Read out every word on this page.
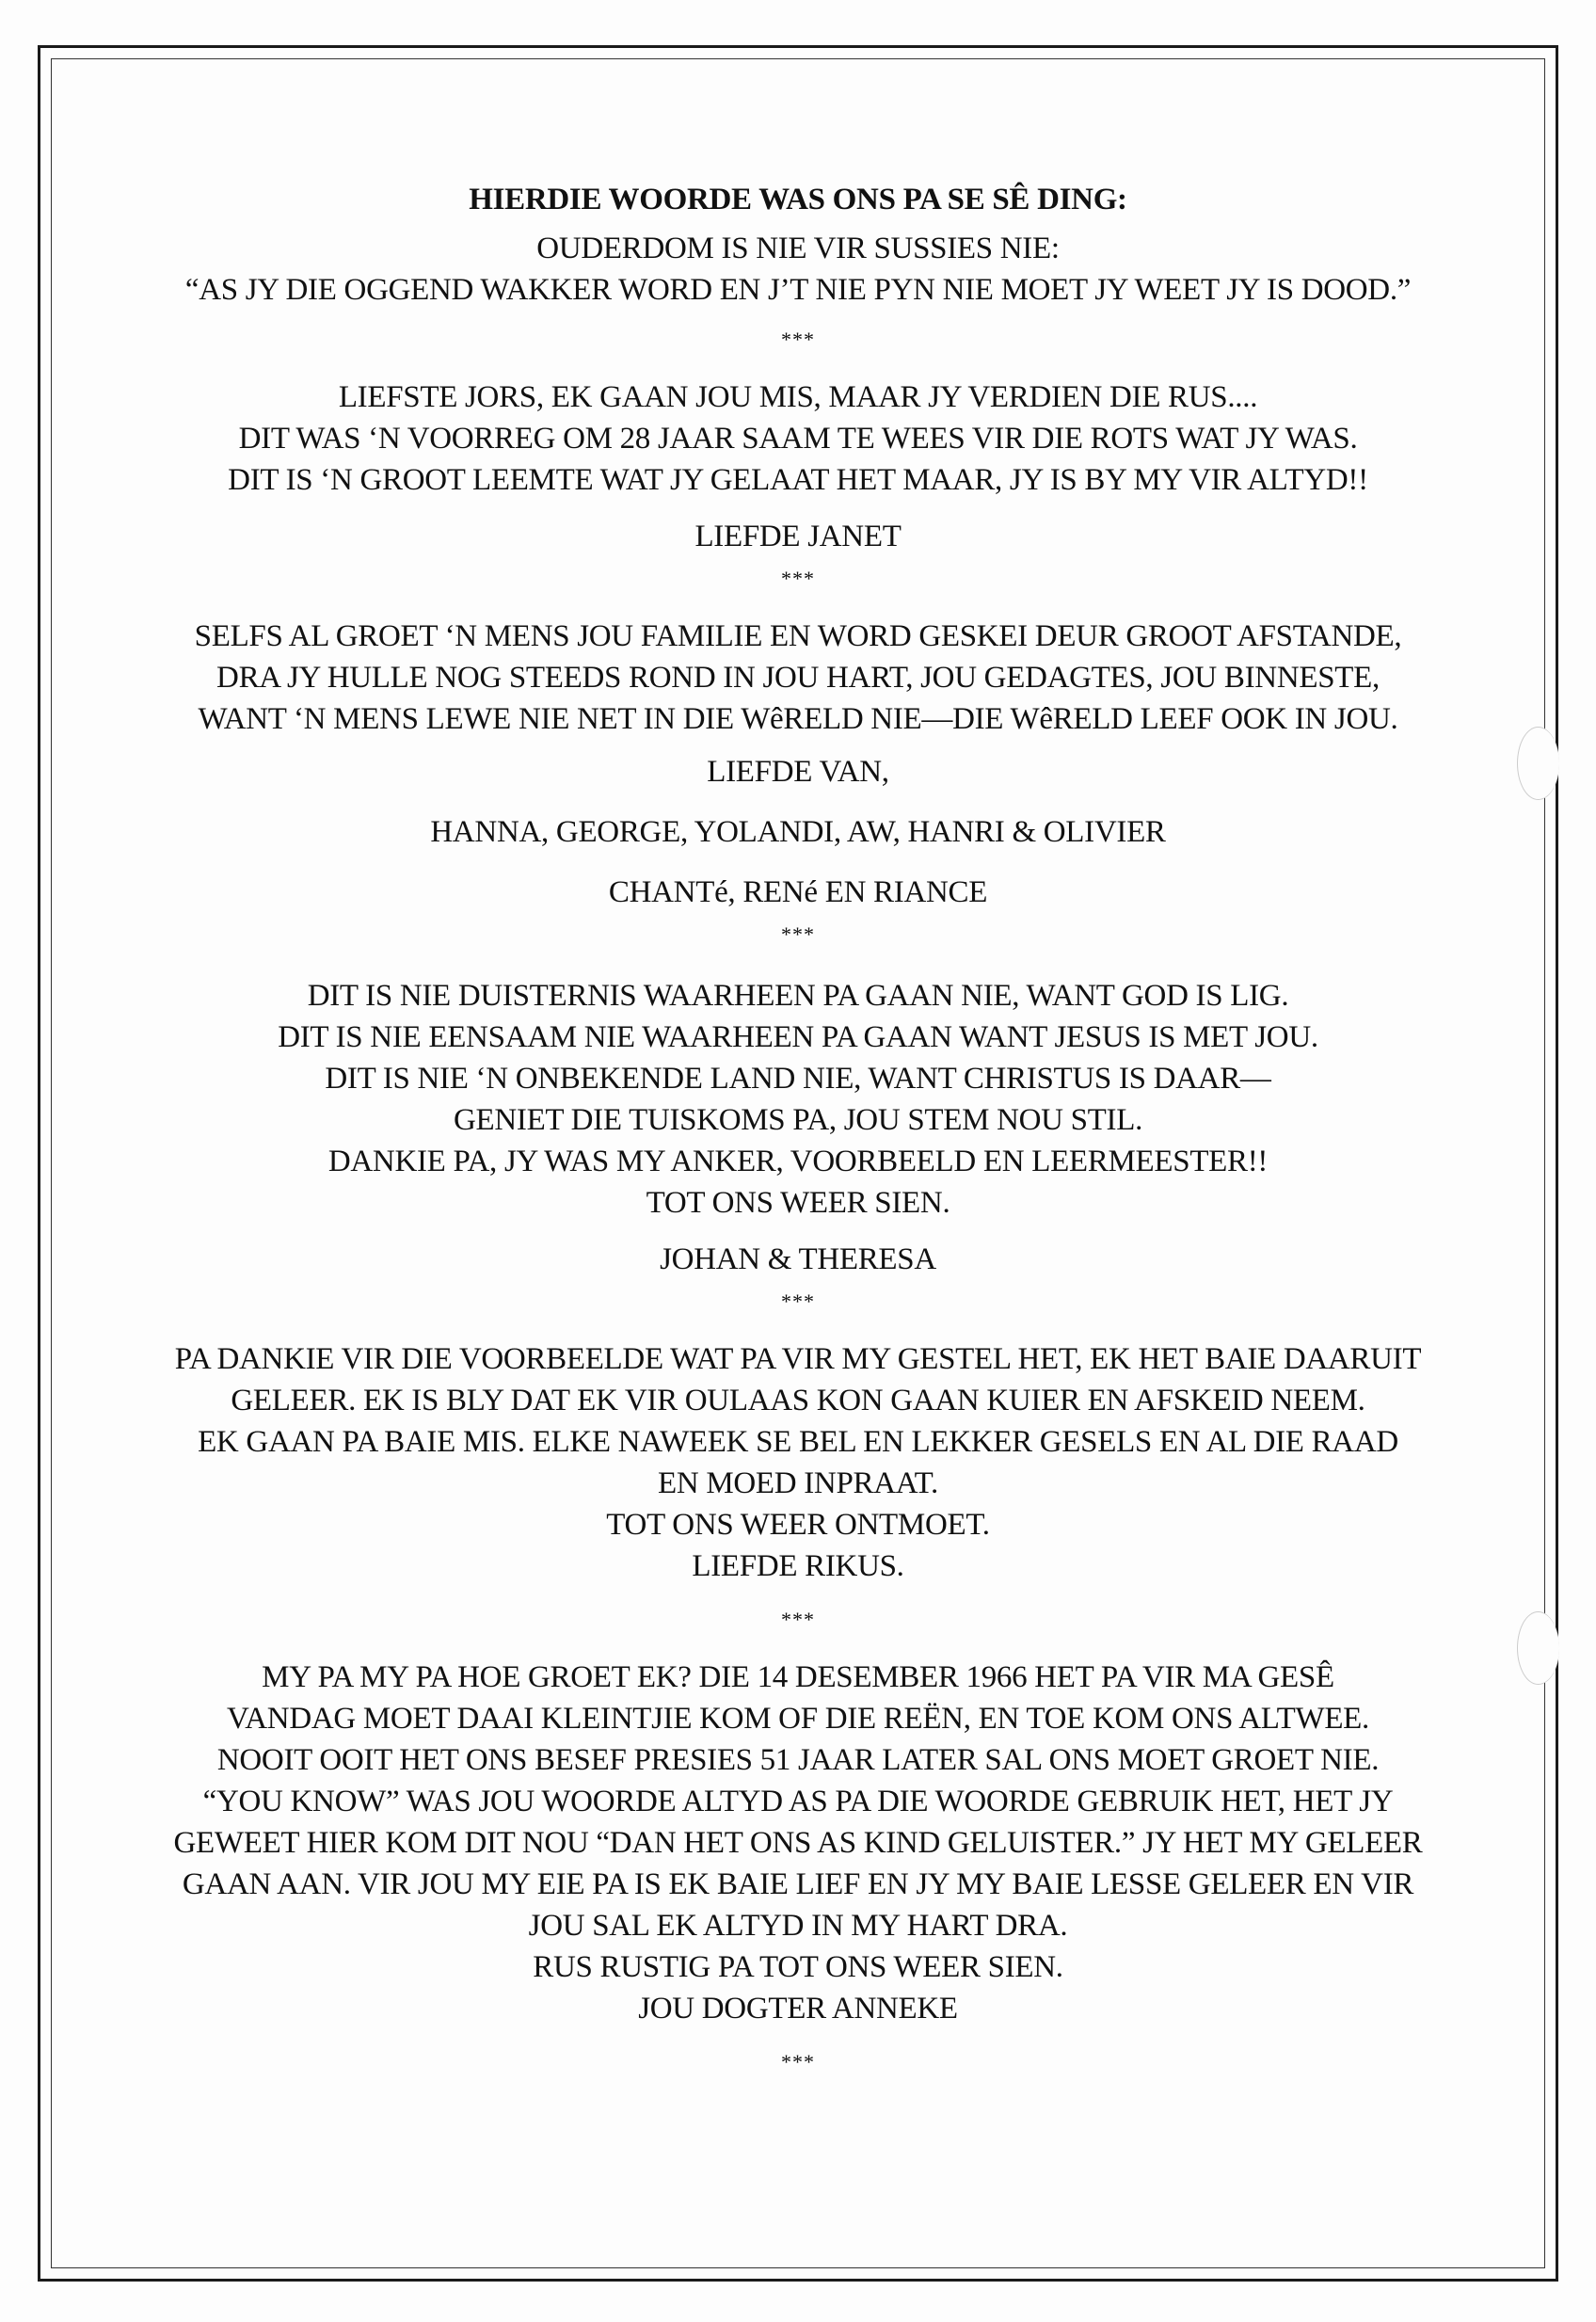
HIERDIE WOORDE WAS ONS PA SE SÊ DING:

OUDERDOM IS NIE VIR SUSSIES NIE:

“AS JY DIE OGGEND WAKKER WORD EN J’T NIE PYN NIE MOET JY WEET JY IS DOOD.”

***

LIEFSTE JORS, EK GAAN JOU MIS, MAAR JY VERDIEN DIE RUS....

DIT WAS ‘N VOORREG OM 28 JAAR SAAM TE WEES VIR DIE ROTS WAT JY WAS.

DIT IS ‘N GROOT LEEMTE WAT JY GELAAT HET MAAR, JY IS BY MY VIR ALTYD!!

LIEFDE JANET

***

SELFS AL GROET ‘N MENS JOU FAMILIE EN WORD GESKEI DEUR GROOT AFSTANDE,

DRA JY HULLE NOG STEEDS ROND IN JOU HART, JOU GEDAGTES, JOU BINNESTE,

WANT ‘N MENS LEWE NIE NET IN DIE WêRELD NIE—DIE WêRELD LEEF OOK IN JOU.

LIEFDE VAN,

HANNA, GEORGE, YOLANDI, AW, HANRI & OLIVIER

CHANTé, RENé EN RIANCE

***

DIT IS NIE DUISTERNIS WAARHEEN PA GAAN NIE, WANT GOD IS LIG.

DIT IS NIE EENSAAM NIE WAARHEEN PA GAAN WANT JESUS IS MET JOU.

DIT IS NIE ‘N ONBEKENDE LAND NIE, WANT CHRISTUS IS DAAR—

GENIET DIE TUISKOMS PA, JOU STEM NOU STIL.

DANKIE PA, JY WAS MY ANKER, VOORBEELD EN LEERMEESTER!!

TOT ONS WEER SIEN.

JOHAN & THERESA

***

PA DANKIE VIR DIE VOORBEELDE WAT PA VIR MY GESTEL HET, EK HET BAIE DAARUIT

GELEER. EK IS BLY DAT EK VIR OULAAS KON GAAN KUIER EN AFSKEID NEEM.

EK GAAN PA BAIE MIS. ELKE NAWEEK SE BEL EN LEKKER GESELS EN AL DIE RAAD

EN MOED INPRAAT.

TOT ONS WEER ONTMOET.

LIEFDE RIKUS.

***

MY PA MY PA HOE GROET EK? DIE 14 DESEMBER 1966 HET PA VIR MA GESÊ

VANDAG MOET DAAI KLEINTJIE KOM OF DIE REËN, EN TOE KOM ONS ALTWEE.

NOOIT OOIT HET ONS BESEF PRESIES 51 JAAR LATER SAL ONS MOET GROET NIE.

“YOU KNOW” WAS JOU WOORDE ALTYD AS PA DIE WOORDE GEBRUIK HET, HET JY

GEWEET HIER KOM DIT NOU “DAN HET ONS AS KIND GELUISTER.” JY HET MY GELEER

GAAN AAN. VIR JOU MY EIE PA IS EK BAIE LIEF EN JY MY BAIE LESSE GELEER EN VIR

JOU SAL EK ALTYD IN MY HART DRA.

RUS RUSTIG PA TOT ONS WEER SIEN.

JOU DOGTER ANNEKE

***
